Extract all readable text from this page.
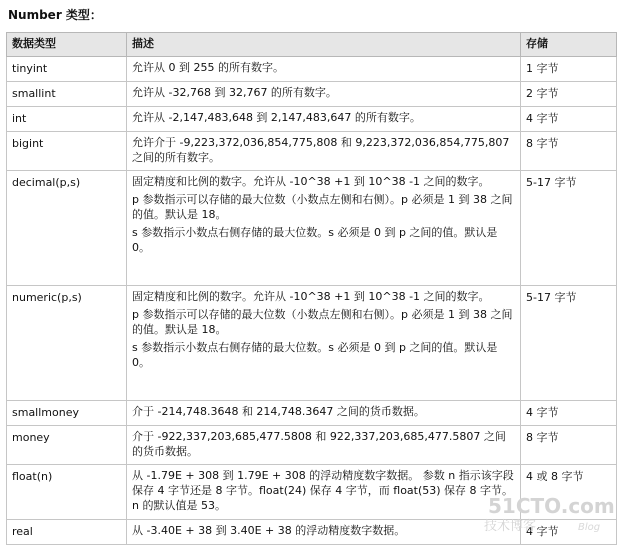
Number 类型：
数据类型	描述	存储
tinyint	允许从 0 到 255 的所有数字。	1 字节
smallint	允许从 -32,768 到 32,767 的所有数字。	2 字节
int	允许从 -2,147,483,648 到 2,147,483,647 的所有数字。	4 字节
bigint	允许介于 -9,223,372,036,854,775,808 和 9,223,372,036,854,775,807 之间的所有数字。	8 字节
decimal(p,s)	固定精度和比例的数字。允许从 -10^38 +1 到 10^38 -1 之间的数字。
p 参数指示可以存储的最大位数（小数点左侧和右侧）。p 必须是 1 到 38 之间的值。默认是 18。
s 参数指示小数点右侧存储的最大位数。s 必须是 0 到 p 之间的值。默认是 0。	5-17 字节
numeric(p,s)	固定精度和比例的数字。允许从 -10^38 +1 到 10^38 -1 之间的数字。
p 参数指示可以存储的最大位数（小数点左侧和右侧）。p 必须是 1 到 38 之间的值。默认是 18。
s 参数指示小数点右侧存储的最大位数。s 必须是 0 到 p 之间的值。默认是 0。	5-17 字节
smallmoney	介于 -214,748.3648 和 214,748.3647 之间的货币数据。	4 字节
money	介于 -922,337,203,685,477.5808 和 922,337,203,685,477.5807 之间的货币数据。	8 字节
float(n)	从 -1.79E + 308 到 1.79E + 308 的浮动精度数字数据。 参数 n 指示该字段保存 4 字节还是 8 字节。float(24) 保存 4 字节，而 float(53) 保存 8 字节。n 的默认值是 53。	4 或 8 字节
real	从 -3.40E + 38 到 3.40E + 38 的浮动精度数字数据。	4 字节
51CTO.com
技术博客	Blog
